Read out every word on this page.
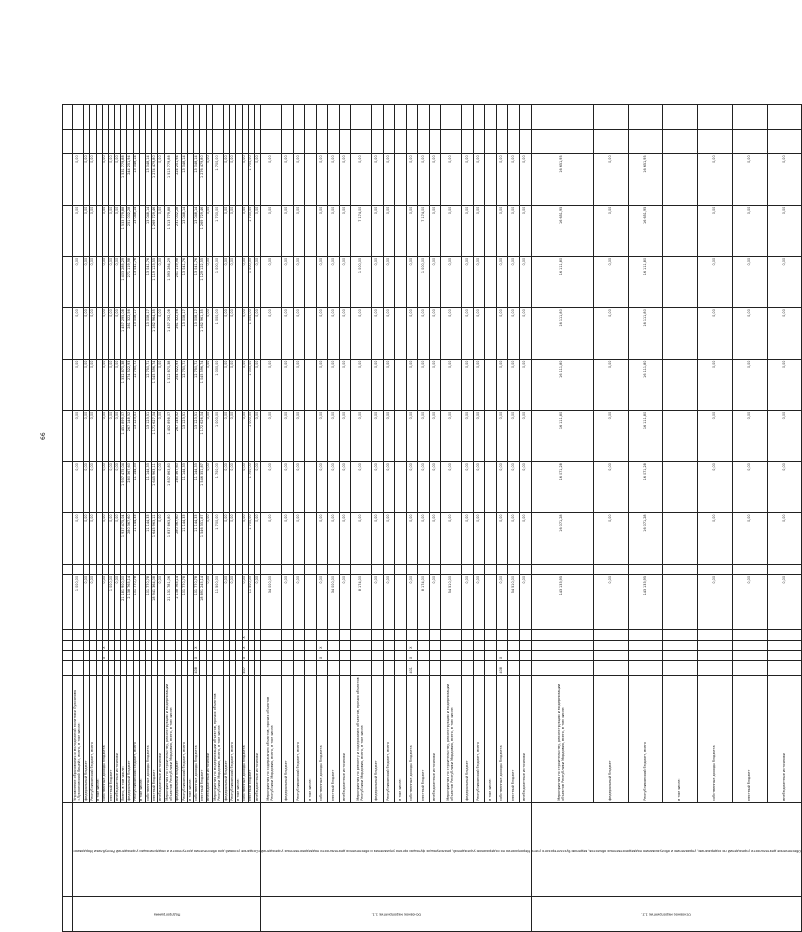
66

Подпрограмма	«Создание условий для обеспечения доступности и модернизации учреждений Республики Мордовия»	Управление образования и молодежной политики Лукоянова «Лукояновский Лицей», всего, в том числе:					1 000,00		0,00	0,00	0,00	0,00	0,00	0,00	0,00	0,00		
		федеральный бюджет					0,00		0,00	0,00	0,00	0,00	0,00	0,00	0,00	0,00		
		Республиканский бюджет, всего					0,00		0,00	0,00	0,00	0,00	0,00	0,00	0,00	0,00		
		в том числе:																
		собственные доходы бюджета		X	X		0,00		0,00	0,00	0,00	0,00	0,00	0,00	0,00	0,00		
		местный бюджет					1 000,00		0,00	0,00	0,00	0,00	0,00	0,00	0,00	0,00		
		внебюджетные источники					0,00		0,00	0,00	0,00	0,00	0,00	0,00	0,00	0,00		
		Всего, в том числе:					21 181 900,00		1 937 475,04	1 937 475,04	1 451 899,07	1 332 870,38	1 457 295,08	1 403 285,29	1 533 779,88	1 531 779,88		
		федеральный бюджет					2 138 765,14		280 367,60	280 367,60	267 148,52	274 522,93	281 322,56	271 119,98	251 002,28	244 251,94		
		Республиканский бюджет, всего					101 770,78		11 144,33	11 144,33	13 123,51	12 750,71	13 008,17	13 041,76	13 048,14	13 048,14		
		в том числе:																
		собственные доходы бюджета					101 770,78		11 144,33	11 144,33	13 123,51	12 750,71	13 008,17	13 041,76	13 048,14	13 048,14		
		местный бюджет					18 941 364,08		1 645 963,11	1 645 963,11	1 171 627,04	1 045 596,74	1 162 964,35	1 119 123,55	1 269 729,46	1 274 479,80		
		внебюджетные источники					0,00		0,00	0,00	0,00	0,00	0,00	0,00	0,00	0,00		
		Мероприятия по строительству, реконструкции и модернизации объектов Республики Мордовия, всего, в том числе:					21 131 781,06		1 837 863,80	1 837 863,80	1 452 898,07	1 312 870,38	1 437 292,08	1 393 284,29	1 513 779,88	1 513 779,88		
		федеральный бюджет					2 138 765,14		280 367,60	280 367,60	267 148,52	254 522,93	261 322,56	251 119,98	231 002,28	224 251,94		
		Республиканский бюджет, всего					101 770,78		11 144,33	11 144,33	13 123,51	12 750,71	13 008,17	13 041,76	13 048,14	13 048,14		
		в том числе:																
		собственные доходы бюджета	408	X	X		101 770,78		11 144,33	11 144,33	13 123,51	12 750,71	13 008,17	13 041,76	13 048,14	13 048,14		
		местный бюджет					18 891 245,14		1 546 351,87	1 546 351,87	1 172 626,04	1 045 596,74	1 162 961,35	1 129 122,55	1 269 729,46	1 276 479,80		
		внебюджетные источники					0,00		0,00	0,00	0,00	0,00	0,00	0,00	0,00	0,00		
		Мероприятия по модернизации объектов, прочих объектов Республики Мордовия, всего, в том числе:					11 500,00		1 700,00	1 700,00	1 000,00	1 000,00	1 000,00	1 000,00	1 700,00	1 700,00		
		федеральный бюджет					0,00		0,00	0,00	0,00	0,00	0,00	0,00	0,00	0,00		
		Республиканский бюджет, всего					0,00		0,00	0,00	0,00	0,00	0,00	0,00	0,00	0,00		
		в том числе:																
		собственные доходы бюджета	407	X	X	X	0,00		0,00	0,00	0,00	0,00	0,00	0,00	0,00	0,00		
		местный бюджет					11 500,00		1 700,00	1 700,00	1 000,00	1 000,00	1 000,00	1 000,00	1 700,00	1 700,00		
		внебюджетные источники					0,00		0,00	0,00	0,00	0,00	0,00	0,00	0,00	0,00		
Основное мероприятие 1.1.	Мероприятия по содержанию учреждений, реализующих функции органа управления и обеспечения деятельности подведомственных учреждений	Мероприятия по содержанию объектов, прочих объектов Республики Мордовия, всего, в том числе:					34 000,00		0,00	0,00	0,00	0,00	0,00	0,00	0,00	0,00		
		федеральный бюджет					0,00		0,00	0,00	0,00	0,00	0,00	0,00	0,00	0,00		
		Республиканский бюджет, всего					0,00		0,00	0,00	0,00	0,00	0,00	0,00	0,00	0,00		
		в том числе:																
		собственные доходы бюджета		X	X		0,00		0,00	0,00	0,00	0,00	0,00	0,00	0,00	0,00		
		местный бюджет					34 000,00		0,00	0,00	0,00	0,00	0,00	0,00	0,00	0,00		
		внебюджетные источники					0,00		0,00	0,00	0,00	0,00	0,00	0,00	0,00	0,00		
		Мероприятия по ремонту и содержанию объектов, прочих объектов Республики Мордовия, всего, в том числе:					8 174,00		0,00	0,00	0,00	0,00	0,00	1 000,00	7 174,00	0,00		
		федеральный бюджет					0,00		0,00	0,00	0,00	0,00	0,00	0,00	0,00	0,00		
		Республиканский бюджет, всего					0,00		0,00	0,00	0,00	0,00	0,00	0,00	0,00	0,00		
		в том числе:																
		собственные доходы бюджета	401	X	X		0,00		0,00	0,00	0,00	0,00	0,00	0,00	0,00	0,00		
		местный бюджет					8 174,00		0,00	0,00	0,00	0,00	0,00	1 000,00	7 174,00	0,00		
		внебюджетные источники					0,00		0,00	0,00	0,00	0,00	0,00	0,00	0,00	0,00		
		Мероприятия по строительству, реконструкции и модернизации объектов Республики Мордовия, всего, в том числе:					54 510,00		0,00	0,00	0,00	0,00	0,00	0,00	0,00	0,00		
		федеральный бюджет					0,00		0,00	0,00	0,00	0,00	0,00	0,00	0,00	0,00		
		Республиканский бюджет, всего					0,00		0,00	0,00	0,00	0,00	0,00	0,00	0,00	0,00		
		в том числе:																
		собственные доходы бюджета	408	X			0,00		0,00	0,00	0,00	0,00	0,00	0,00	0,00	0,00		
		местный бюджет					54 510,00		0,00	0,00	0,00	0,00	0,00	0,00	0,00	0,00		
		внебюджетные источники					0,00		0,00	0,00	0,00	0,00	0,00	0,00	0,00	0,00		
Основное мероприятие 1.2.	Обеспечение деятельности учреждений по содержанию, управлению и обслуживанию подведомственных объектов, ведению бухгалтерского учета	Мероприятия по строительству, реконструкции и модернизации объектов Республики Мордовия, всего, в том числе:					143 133,95		16 071,28	16 071,28	16 111,80	16 111,80	16 111,80	16 111,80	16 651,95	16 651,95		
		федеральный бюджет					0,00		0,00	0,00	0,00	0,00	0,00	0,00	0,00	0,00		
		Республиканский бюджет, всего					143 133,95		16 071,28	16 071,28	16 111,80	16 111,80	16 111,80	16 111,80	16 651,95	16 651,95		
		в том числе:																
		собственные доходы бюджета					0,00		0,00	0,00	0,00	0,00	0,00	0,00	0,00	0,00		
		местный бюджет					0,00		0,00	0,00	0,00	0,00	0,00	0,00	0,00	0,00		
		внебюджетные источники					0,00		0,00	0,00	0,00	0,00	0,00	0,00	0,00	0,00		
